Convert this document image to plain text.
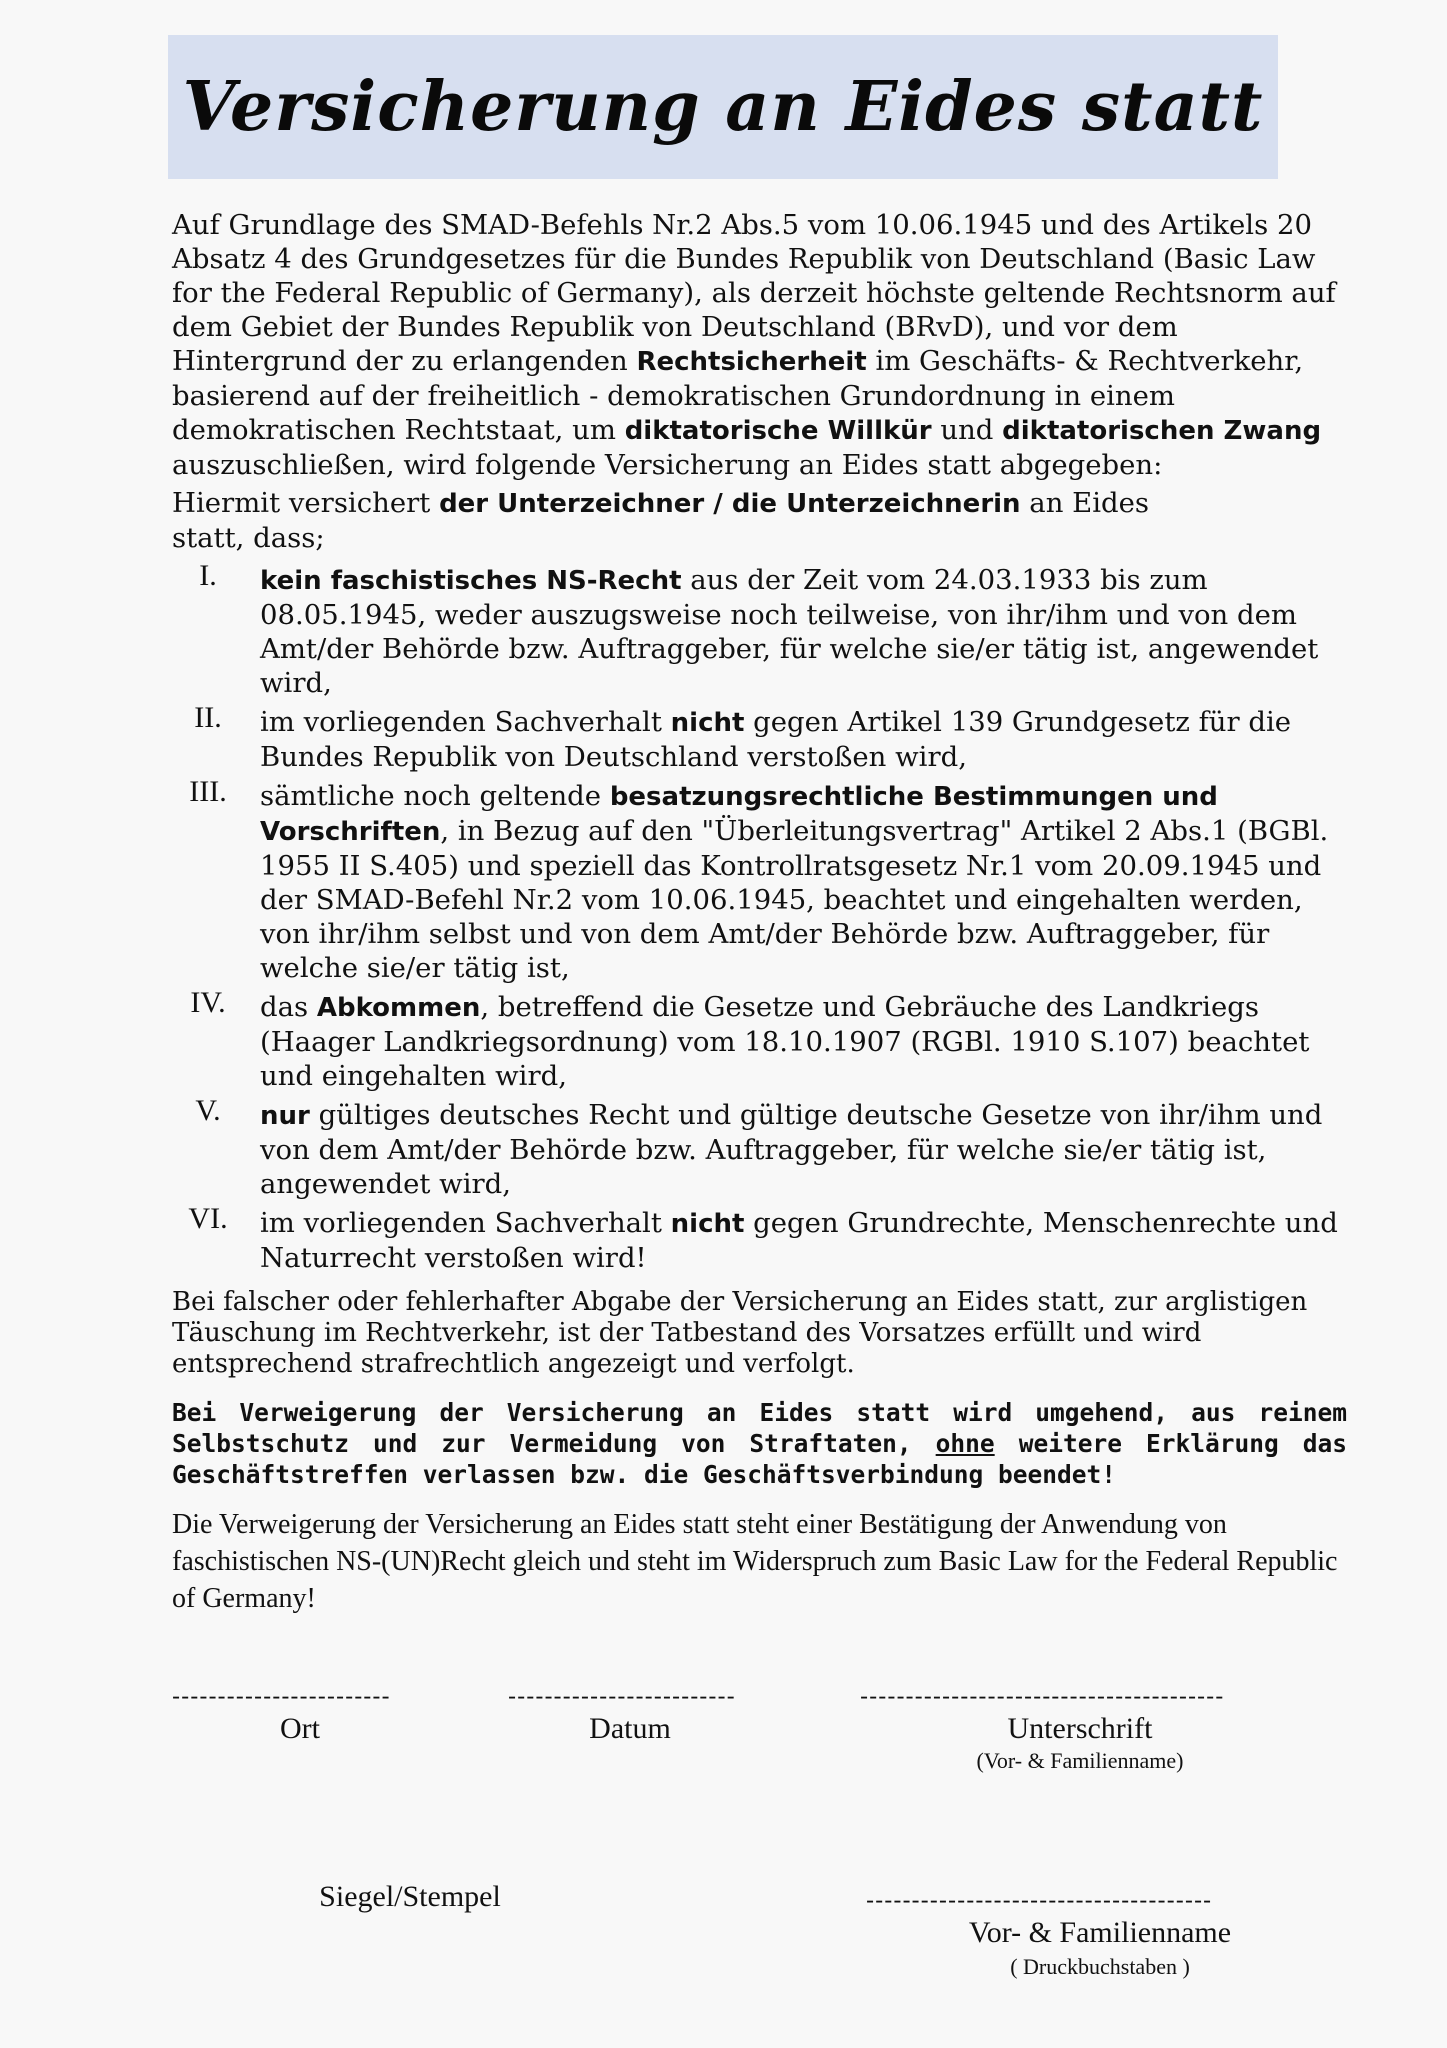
Versicherung an Eides statt

Auf Grundlage des SMAD-Befehls Nr.2 Abs.5 vom 10.06.1945 und des Artikels 20 Absatz 4 des Grundgesetzes für die Bundes Republik von Deutschland (Basic Law for the Federal Republic of Germany), als derzeit höchste geltende Rechtsnorm auf dem Gebiet der Bundes Republik von Deutschland (BRvD), und vor dem Hintergrund der zu erlangenden Rechtsicherheit im Geschäfts- & Rechtverkehr, basierend auf der freiheitlich - demokratischen Grundordnung in einem demokratischen Rechtstaat, um diktatorische Willkür und diktatorischen Zwang auszuschließen, wird folgende Versicherung an Eides statt abgegeben:

Hiermit versichert der Unterzeichner / die Unterzeichnerin an Eides statt, dass;

I.	kein faschistisches NS-Recht aus der Zeit vom 24.03.1933 bis zum 08.05.1945, weder auszugsweise noch teilweise, von ihr/ihm und von dem Amt/der Behörde bzw. Auftraggeber, für welche sie/er tätig ist, angewendet wird,
II.	im vorliegenden Sachverhalt nicht gegen Artikel 139 Grundgesetz für die Bundes Republik von Deutschland verstoßen wird,
III.	sämtliche noch geltende besatzungsrechtliche Bestimmungen und Vorschriften, in Bezug auf den "Überleitungsvertrag" Artikel 2 Abs.1 (BGBl. 1955 II S.405) und speziell das Kontrollratsgesetz Nr.1 vom 20.09.1945 und der SMAD-Befehl Nr.2 vom 10.06.1945, beachtet und eingehalten werden, von ihr/ihm selbst und von dem Amt/der Behörde bzw. Auftraggeber, für welche sie/er tätig ist,
IV.	das Abkommen, betreffend die Gesetze und Gebräuche des Landkriegs (Haager Landkriegsordnung) vom 18.10.1907 (RGBl. 1910 S.107) beachtet und eingehalten wird,
V.	nur gültiges deutsches Recht und gültige deutsche Gesetze von ihr/ihm und von dem Amt/der Behörde bzw. Auftraggeber, für welche sie/er tätig ist, angewendet wird,
VI.	im vorliegenden Sachverhalt nicht gegen Grundrechte, Menschenrechte und Naturrecht verstoßen wird!

Bei falscher oder fehlerhafter Abgabe der Versicherung an Eides statt, zur arglistigen Täuschung im Rechtverkehr, ist der Tatbestand des Vorsatzes erfüllt und wird entsprechend strafrechtlich angezeigt und verfolgt.

Bei Verweigerung der Versicherung an Eides statt wird umgehend, aus reinem Selbstschutz und zur Vermeidung von Straftaten, ohne weitere Erklärung das Geschäftstreffen verlassen bzw. die Geschäftsverbindung beendet!

Die Verweigerung der Versicherung an Eides statt steht einer Bestätigung der Anwendung von faschistischen NS-(UN)Recht gleich und steht im Widerspruch zum Basic Law for the Federal Republic of Germany!

------------------------	-------------------------	----------------------------------------
Ort	Datum	Unterschrift
(Vor- & Familienname)
Siegel/Stempel	--------------------------------------
Vor- & Familienname
( Druckbuchstaben )
